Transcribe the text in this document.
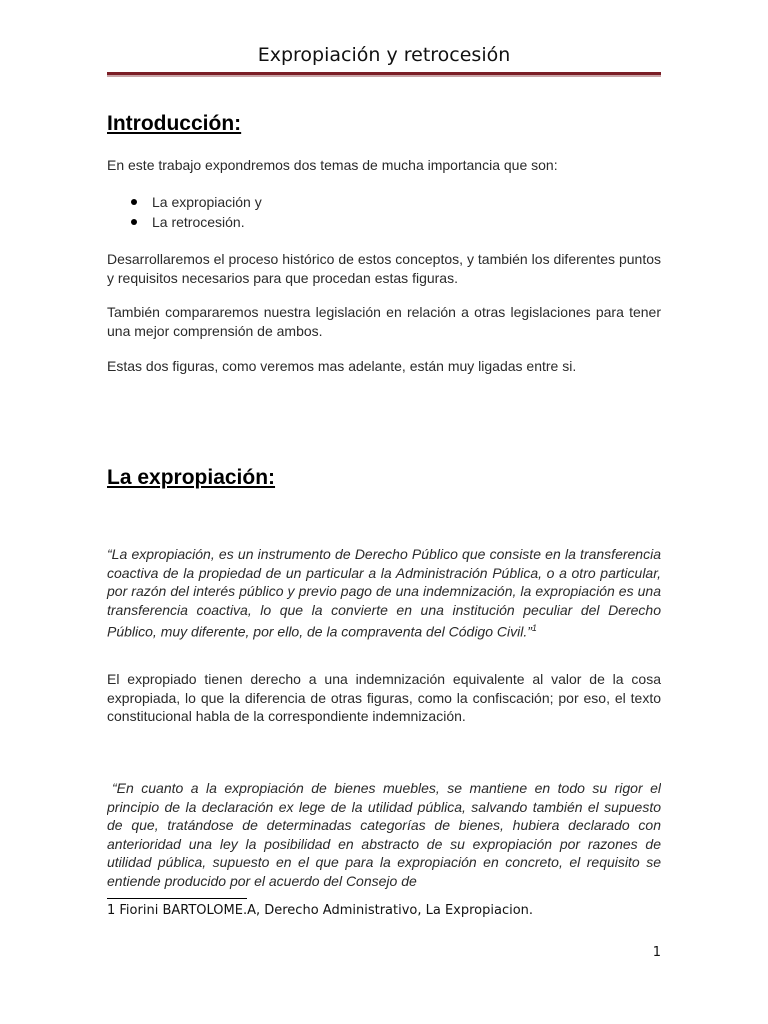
Expropiación y retrocesión
Introducción:
En este trabajo expondremos dos temas de mucha importancia que son:
La expropiación y
La retrocesión.
Desarrollaremos el proceso histórico de estos conceptos, y también los diferentes puntos y requisitos necesarios para que procedan estas figuras.
También compararemos nuestra legislación en relación a otras legislaciones para tener una mejor comprensión de ambos.
Estas dos figuras, como veremos mas adelante, están muy ligadas entre si.
La expropiación:
“La expropiación, es un instrumento de Derecho Público que consiste en la transferencia coactiva de la propiedad de un particular a la Administración Pública, o a otro particular, por razón del interés público y previo pago de una indemnización, la expropiación es una transferencia coactiva, lo que la convierte en una institución peculiar del Derecho Público, muy diferente, por ello, de la compraventa del Código Civil.”$^1$
El expropiado tienen derecho a una indemnización equivalente al valor de la cosa expropiada, lo que la diferencia de otras figuras, como la confiscación; por eso, el texto constitucional habla de la correspondiente indemnización.
“En cuanto a la expropiación de bienes muebles, se mantiene en todo su rigor el principio de la declaración ex lege de la utilidad pública, salvando también el supuesto de que, tratándose de determinadas categorías de bienes, hubiera declarado con anterioridad una ley la posibilidad en abstracto de su expropiación por razones de utilidad pública, supuesto en el que para la expropiación en concreto, el requisito se entiende producido por el acuerdo del Consejo de
1 Fiorini BARTOLOME.A, Derecho Administrativo, La Expropiacion.
1
